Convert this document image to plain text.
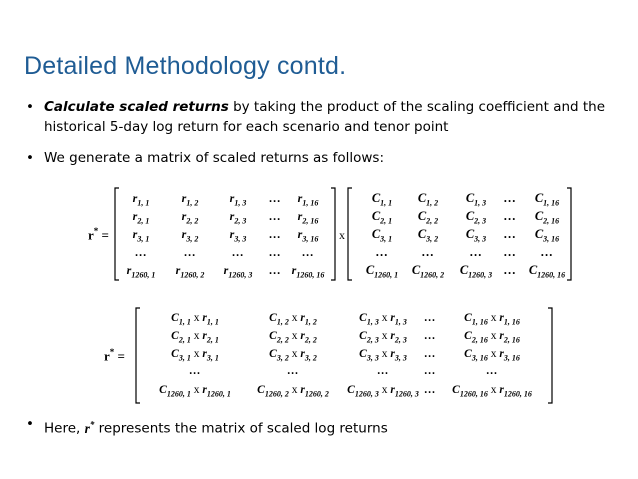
Detailed Methodology contd.
• Calculate scaled returns by taking the product of the scaling coefficient and the
historical 5-day log return for each scenario and tenor point
• We generate a matrix of scaled returns as follows:
r* =	x
$r_{1, 1}$	$r_{1, 2}$	$r_{1, 3}$ … $r_{1, 16}$
$r_{2, 1}$	$r_{2, 2}$	$r_{2, 3}$ … $r_{2, 16}$
$r_{3, 1}$	$r_{3, 2}$	$r_{3, 3}$ … $r_{3, 16}$
…	…	… … …
$r_{1260, 1}$ $r_{1260, 2}$ $r_{1260, 3}$ … $r_{1260, 16}$
$C_{1, 1}$ $C_{1, 2}$ $C_{1, 3}$ … $C_{1, 16}$
$C_{2, 1}$ $C_{2, 2}$ $C_{2, 3}$ … $C_{2, 16}$
$C_{3, 1}$ $C_{3, 2}$ $C_{3, 3}$ … $C_{3, 16}$
…	…	… … …
$C_{1260, 1}$ $C_{1260, 2}$ $C_{1260, 3}$ … $C_{1260, 16}$
r* =
$C_{1, 1}$ x $r_{1, 1}$	$C_{1, 2}$ x $r_{1, 2}$	$C_{1, 3}$ x $r_{1, 3}$ … $C_{1, 16}$ x $r_{1, 16}$
$C_{2, 1}$ x $r_{2, 1}$	$C_{2, 2}$ x $r_{2, 2}$	$C_{2, 3}$ x $r_{2, 3}$ … $C_{2, 16}$ x $r_{2, 16}$
$C_{3, 1}$ x $r_{3, 1}$	$C_{3, 2}$ x $r_{3, 2}$	$C_{3, 3}$ x $r_{3, 3}$ … $C_{3, 16}$ x $r_{3, 16}$
…	…	…	…	…
$C_{1260, 1}$ x $r_{1260, 1}$ $C_{1260, 2}$ x $r_{1260, 2}$ $C_{1260, 3}$ x $r_{1260, 3}$ … $C_{1260, 16}$ x $r_{1260, 16}$
• Here, r* represents the matrix of scaled log returns
